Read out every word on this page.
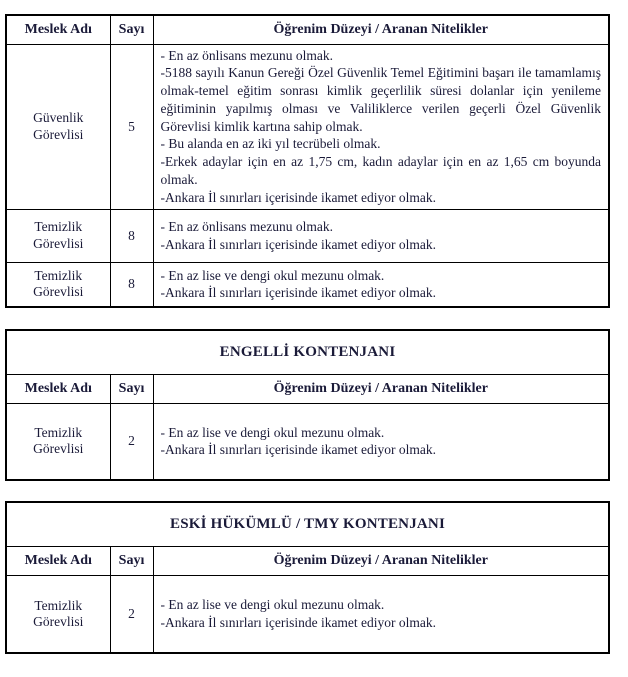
Meslek Adı	Sayı	Öğrenim Düzeyi / Aranan Nitelikler
Güvenlik Görevlisi	5	- En az önlisans mezunu olmak.
-5188 sayılı Kanun Gereği Özel Güvenlik Temel Eğitimini başarı ile tamamlamış olmak-temel eğitim sonrası kimlik geçerlilik süresi dolanlar için yenileme eğitiminin yapılmış olması ve Valiliklerce verilen geçerli Özel Güvenlik Görevlisi kimlik kartına sahip olmak.
- Bu alanda en az iki yıl tecrübeli olmak.
-Erkek adaylar için en az 1,75 cm, kadın adaylar için en az 1,65 cm boyunda olmak.
-Ankara İl sınırları içerisinde ikamet ediyor olmak.

Temizlik Görevlisi	8	- En az önlisans mezunu olmak.
-Ankara İl sınırları içerisinde ikamet ediyor olmak.

Temizlik Görevlisi	8	- En az lise ve dengi okul mezunu olmak.
-Ankara İl sınırları içerisinde ikamet ediyor olmak.
ENGELLİ KONTENJANI		
Meslek Adı	Sayı	Öğrenim Düzeyi / Aranan Nitelikler
Temizlik Görevlisi	2	- En az lise ve dengi okul mezunu olmak.
-Ankara İl sınırları içerisinde ikamet ediyor olmak.
ESKİ HÜKÜMLÜ / TMY KONTENJANI		
Meslek Adı	Sayı	Öğrenim Düzeyi / Aranan Nitelikler
Temizlik Görevlisi	2	- En az lise ve dengi okul mezunu olmak.
-Ankara İl sınırları içerisinde ikamet ediyor olmak.
